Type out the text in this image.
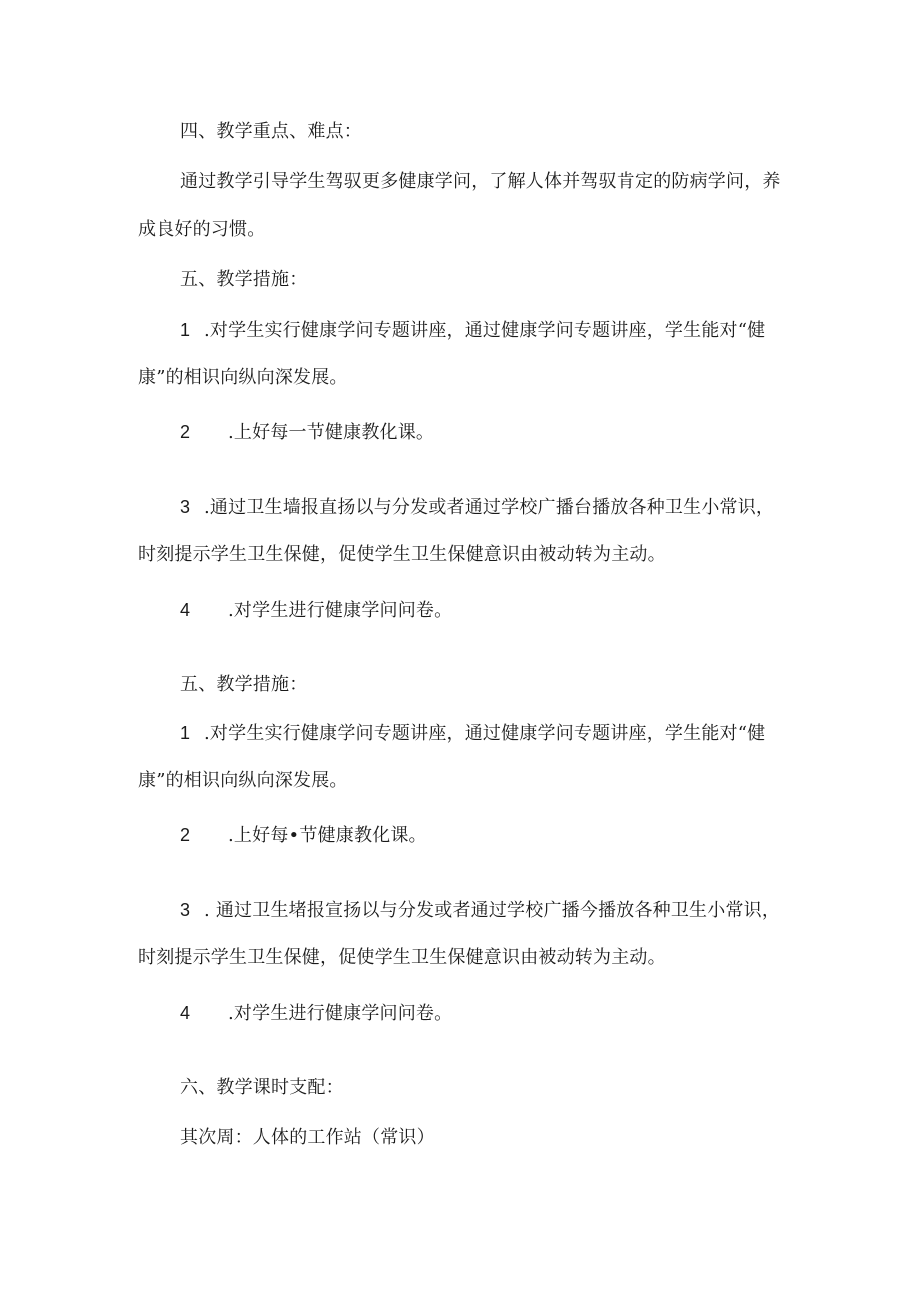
四、教学重点、难点：
通过教学引导学生驾驭更多健康学问，了解人体并驾驭肯定的防病学问，养
成良好的习惯。
五、教学措施：
1 .对学生实行健康学问专题讲座，通过健康学问专题讲座，学生能对“健
康”的相识向纵向深发展。
2 .上好每一节健康教化课。
3 .通过卫生墙报直扬以与分发或者通过学校广播台播放各种卫生小常识，
时刻提示学生卫生保健，促使学生卫生保健意识由被动转为主动。
4 .对学生进行健康学问问卷。
五、教学措施：
1 .对学生实行健康学问专题讲座，通过健康学问专题讲座，学生能对“健
康”的相识向纵向深发展。
2 .上好每•节健康教化课。
3 . 通过卫生堵报宣扬以与分发或者通过学校广播今播放各种卫生小常识，
时刻提示学生卫生保健，促使学生卫生保健意识由被动转为主动。
4 .对学生进行健康学问问卷。
六、教学课时支配：
其次周：人体的工作站（常识）
